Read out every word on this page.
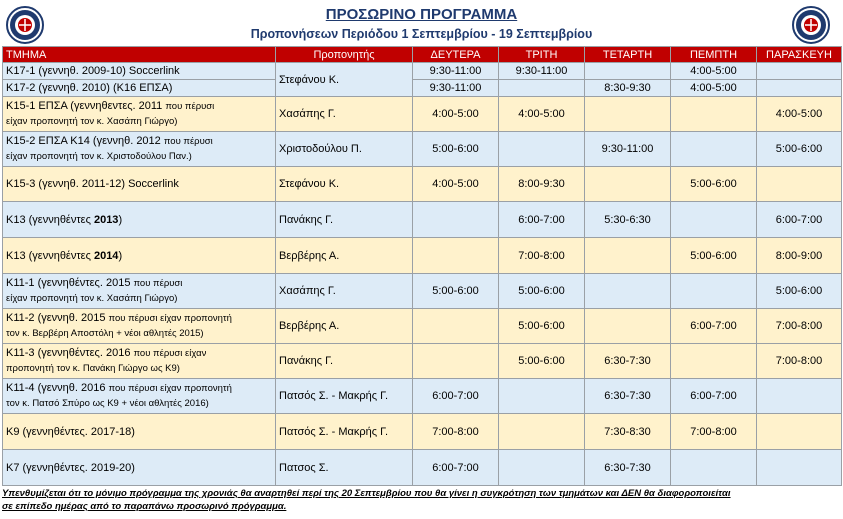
ΠΡΟΣΩΡΙΝΟ ΠΡΟΓΡΑΜΜΑ
Προπονήσεων Περιόδου 1 Σεπτεμβρίου - 19 Σεπτεμβρίου
ΤΜΗΜΑ	Προπονητής	ΔΕΥΤΕΡΑ	ΤΡΙΤΗ	ΤΕΤΑΡΤΗ	ΠΕΜΠΤΗ	ΠΑΡΑΣΚΕΥΗ
Κ17-1 (γεννηθ. 2009-10) Soccerlink	Στεφάνου Κ.	9:30-11:00	9:30-11:00		4:00-5:00	
Κ17-2 (γεννηθ. 2010) (Κ16 ΕΠΣΑ)		9:30-11:00		8:30-9:30	4:00-5:00	
Κ15-1 ΕΠΣΑ (γεννηθεντες. 2011 που πέρυσι
είχαν προπονητή τον κ. Χασάπη Γιώργο)	Χασάπης Γ.	4:00-5:00	4:00-5:00			4:00-5:00
Κ15-2 ΕΠΣΑ Κ14 (γεννηθ. 2012 που πέρυσι
είχαν προπονητή τον κ. Χριστοδούλου Παν.)	Χριστοδούλου Π.	5:00-6:00		9:30-11:00		5:00-6:00
Κ15-3 (γεννηθ. 2011-12) Soccerlink	Στεφάνου Κ.	4:00-5:00	8:00-9:30		5:00-6:00	
Κ13 (γεννηθέντες 2013)	Πανάκης Γ.		6:00-7:00	5:30-6:30		6:00-7:00
Κ13 (γεννηθέντες 2014)	Βερβέρης Α.		7:00-8:00		5:00-6:00	8:00-9:00
Κ11-1 (γεννηθέντες. 2015 που πέρυσι
είχαν προπονητή τον κ. Χασάπη Γιώργο)	Χασάπης Γ.	5:00-6:00	5:00-6:00			5:00-6:00
Κ11-2 (γεννηθ. 2015 που πέρυσι είχαν προπονητή
τον κ. Βερβέρη Αποστόλη + νέοι αθλητές 2015)	Βερβέρης Α.		5:00-6:00		6:00-7:00	7:00-8:00
Κ11-3 (γεννηθέντες. 2016 που πέρυσι είχαν
προπονητή τον κ. Πανάκη Γιώργο ως Κ9)	Πανάκης Γ.		5:00-6:00	6:30-7:30		7:00-8:00
Κ11-4 (γεννηθ. 2016 που πέρυσι είχαν προπονητή
τον κ. Πατσό Σπύρο ως Κ9 + νέοι αθλητές 2016)	Πατσός Σ. - Μακρής Γ.	6:00-7:00		6:30-7:30	6:00-7:00	
Κ9 (γεννηθέντες. 2017-18)	Πατσός Σ. - Μακρής Γ.	7:00-8:00		7:30-8:30	7:00-8:00	
Κ7 (γεννηθέντες. 2019-20)	Πατσος Σ.	6:00-7:00		6:30-7:30		
Υπενθυμίζεται ότι το μόνιμο πρόγραμμα της χρονιάς θα αναρτηθεί περί της 20 Σεπτεμβρίου που θα γίνει η συγκρότηση των τμημάτων και ΔΕΝ θα διαφοροποιείται
σε επίπεδο ημέρας από το παραπάνω προσωρινό πρόγραμμα.
